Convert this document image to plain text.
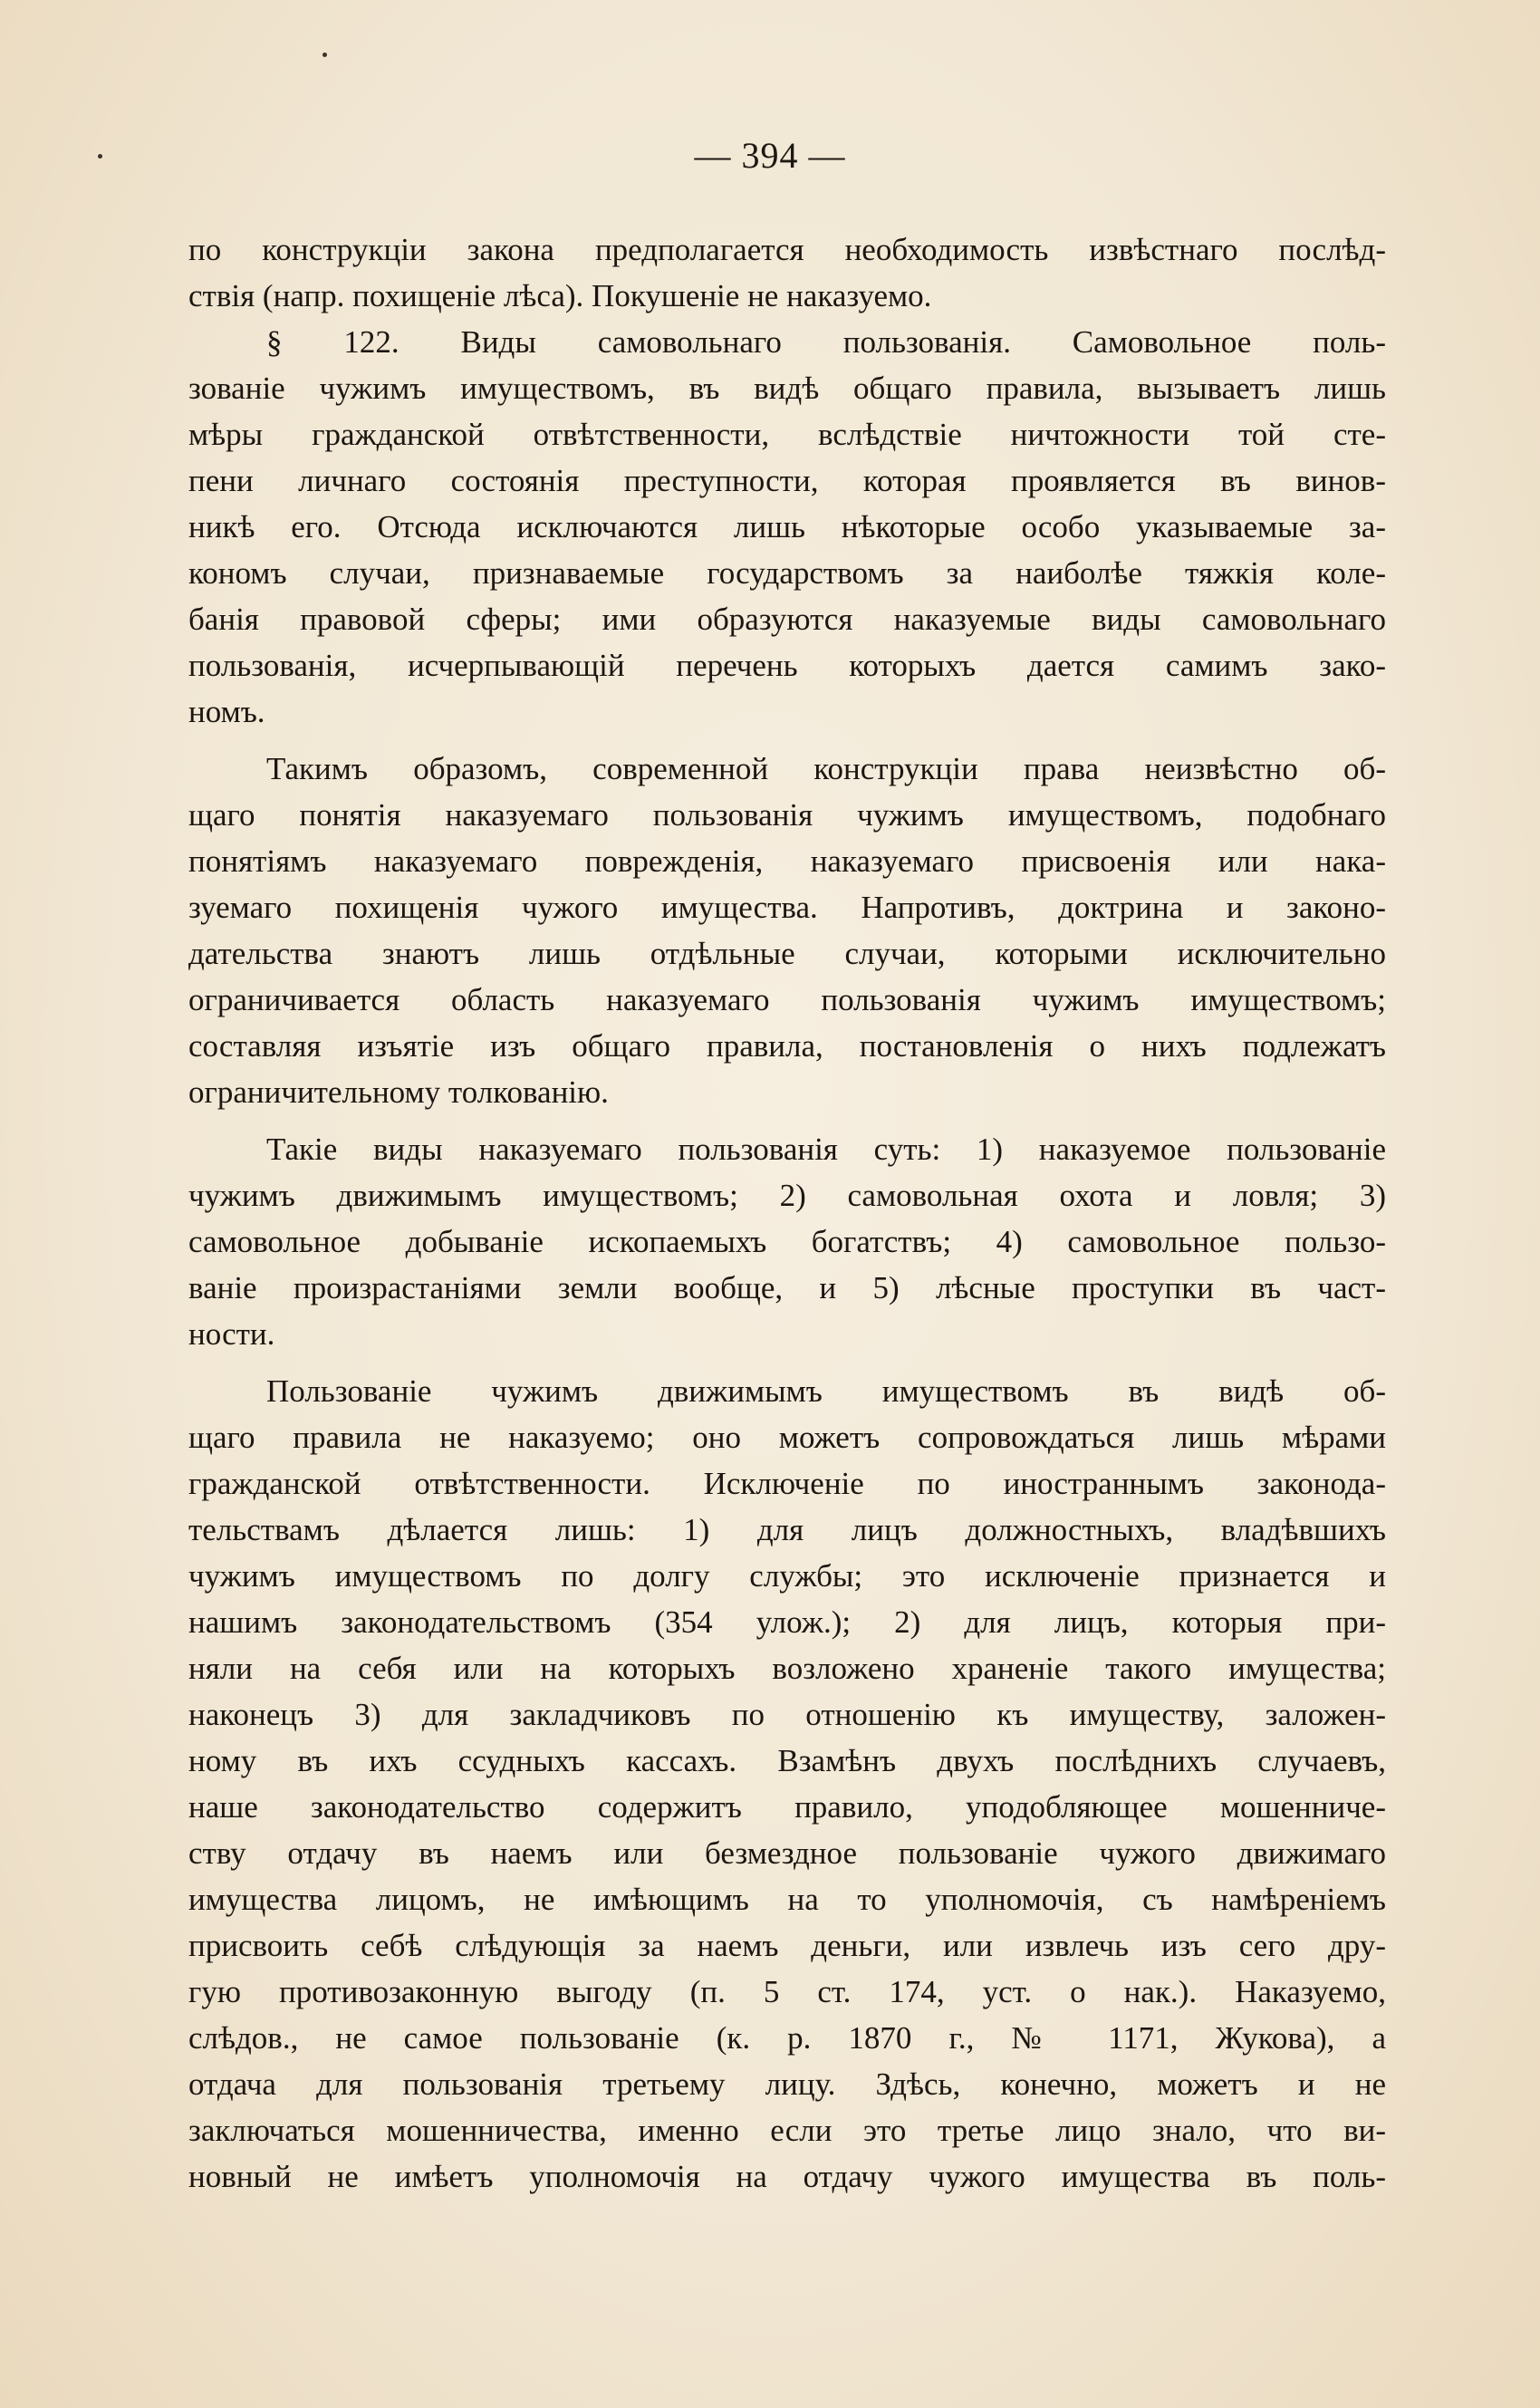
— 394 —
по конструкціи закона предполагается необходимость извѣстнаго послѣд-
ствія (напр. похищеніе лѣса). Покушеніе не наказуемо.
§ 122. Виды самовольнаго пользованія. Самовольное поль-
зованіе чужимъ имуществомъ, въ видѣ общаго правила, вызываетъ лишь
мѣры гражданской отвѣтственности, вслѣдствіе ничтожности той сте-
пени личнаго состоянія преступности, которая проявляется въ винов-
никѣ его. Отсюда исключаются лишь нѣкоторые особо указываемые за-
кономъ случаи, признаваемые государствомъ за наиболѣе тяжкія коле-
банія правовой сферы; ими образуются наказуемые виды самовольнаго
пользованія, исчерпывающій перечень которыхъ дается самимъ зако-
номъ.
Такимъ образомъ, современной конструкціи права неизвѣстно об-
щаго понятія наказуемаго пользованія чужимъ имуществомъ, подобнаго
понятіямъ наказуемаго поврежденія, наказуемаго присвоенія или нака-
зуемаго похищенія чужого имущества. Напротивъ, доктрина и законо-
дательства знаютъ лишь отдѣльные случаи, которыми исключительно
ограничивается область наказуемаго пользованія чужимъ имуществомъ;
составляя изъятіе изъ общаго правила, постановленія о нихъ подлежатъ
ограничительному толкованію.
Такіе виды наказуемаго пользованія суть: 1) наказуемое пользованіе
чужимъ движимымъ имуществомъ; 2) самовольная охота и ловля; 3)
самовольное добываніе ископаемыхъ богатствъ; 4) самовольное пользо-
ваніе произрастаніями земли вообще, и 5) лѣсные проступки въ част-
ности.
Пользованіе чужимъ движимымъ имуществомъ въ видѣ об-
щаго правила не наказуемо; оно можетъ сопровождаться лишь мѣрами
гражданской отвѣтственности. Исключеніе по иностраннымъ законода-
тельствамъ дѣлается лишь: 1) для лицъ должностныхъ, владѣвшихъ
чужимъ имуществомъ по долгу службы; это исключеніе признается и
нашимъ законодательствомъ (354 улож.); 2) для лицъ, которыя при-
няли на себя или на которыхъ возложено храненіе такого имущества;
наконецъ 3) для закладчиковъ по отношенію къ имуществу, заложен-
ному въ ихъ ссудныхъ кассахъ. Взамѣнъ двухъ послѣднихъ случаевъ,
наше законодательство содержитъ правило, уподобляющее мошенниче-
ству отдачу въ наемъ или безмездное пользованіе чужого движимаго
имущества лицомъ, не имѣющимъ на то уполномочія, съ намѣреніемъ
присвоить себѣ слѣдующія за наемъ деньги, или извлечь изъ сего дру-
гую противозаконную выгоду (п. 5 ст. 174, уст. о нак.). Наказуемо,
слѣдов., не самое пользованіе (к. р. 1870 г., № 1171, Жукова), а
отдача для пользованія третьему лицу. Здѣсь, конечно, можетъ и не
заключаться мошенничества, именно если это третье лицо знало, что ви-
новный не имѣетъ уполномочія на отдачу чужого имущества въ поль-
